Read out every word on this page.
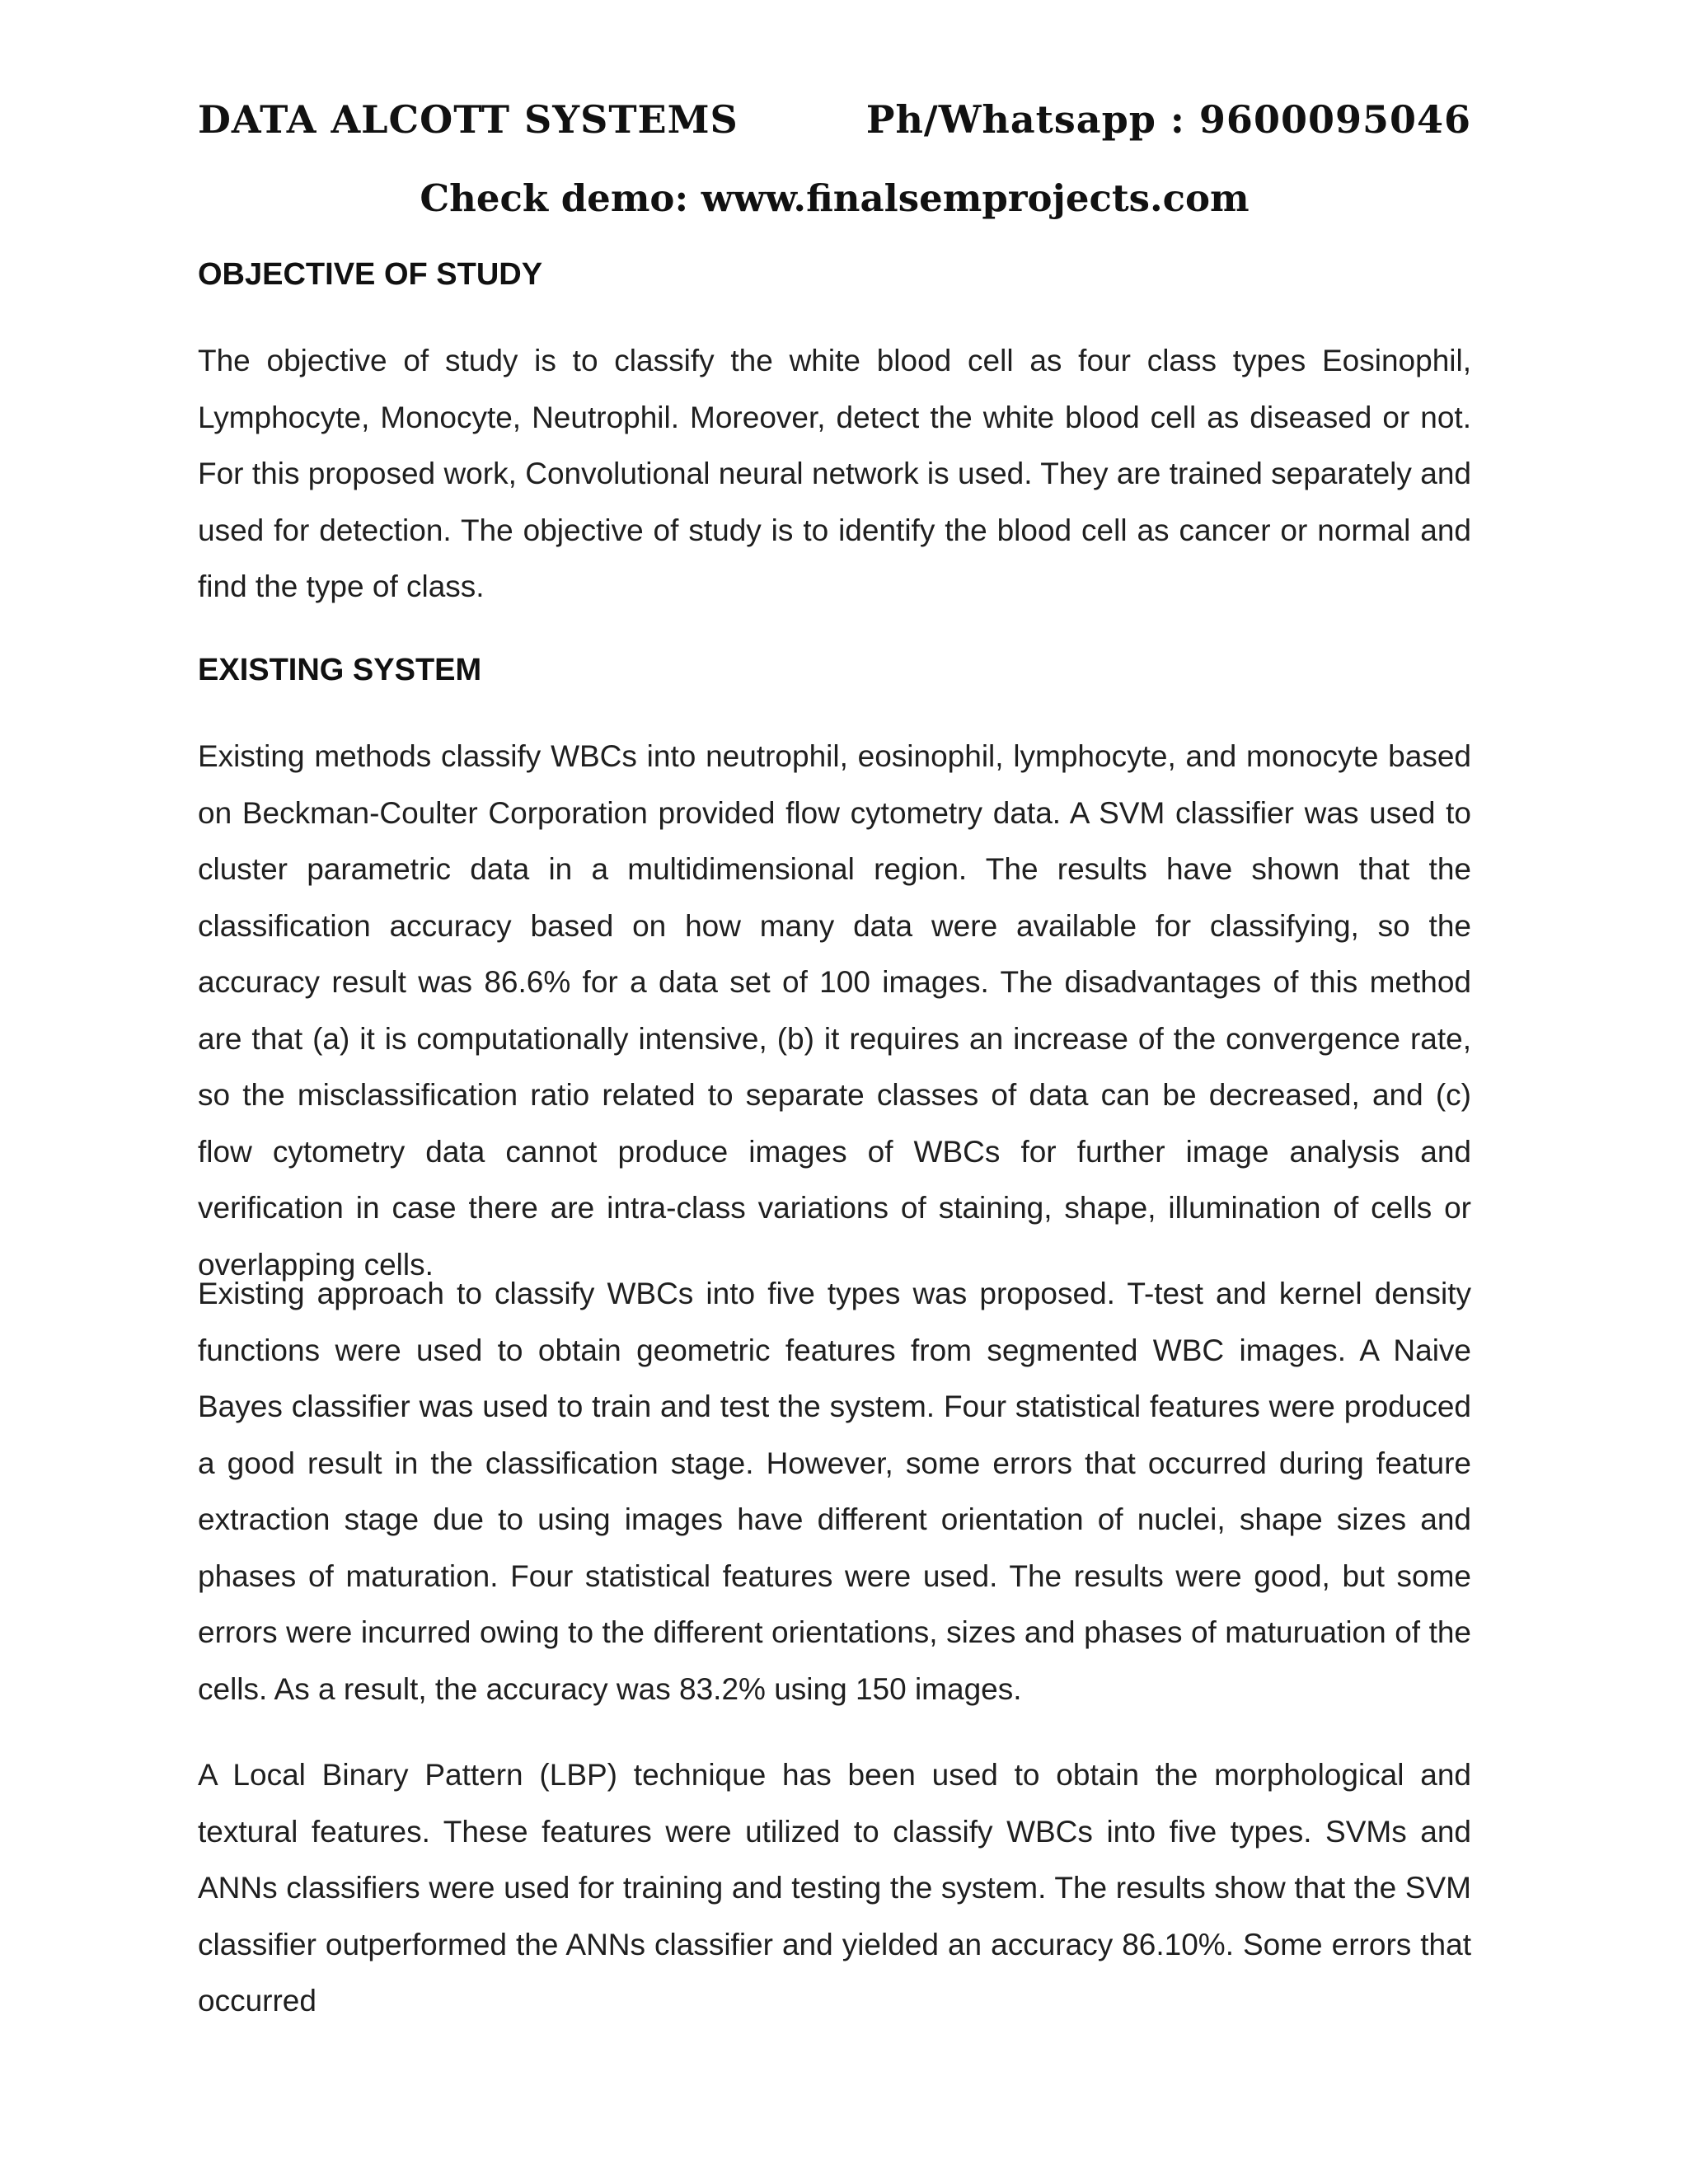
DATA ALCOTT SYSTEMS	Ph/Whatsapp : 9600095046
Check demo: www.finalsemprojects.com
OBJECTIVE OF STUDY
The objective of study is to classify the white blood cell as four class types Eosinophil, Lymphocyte, Monocyte, Neutrophil. Moreover, detect the white blood cell as diseased or not. For this proposed work, Convolutional neural network is used. They are trained separately and used for detection. The objective of study is to identify the blood cell as cancer or normal and find the type of class.
EXISTING SYSTEM
Existing methods classify WBCs into neutrophil, eosinophil, lymphocyte, and monocyte based on Beckman-Coulter Corporation provided flow cytometry data. A SVM classifier was used to cluster parametric data in a multidimensional region. The results have shown that the classification accuracy based on how many data were available for classifying, so the accuracy result was 86.6% for a data set of 100 images. The disadvantages of this method are that (a) it is computationally intensive, (b) it requires an increase of the convergence rate, so the misclassification ratio related to separate classes of data can be decreased, and (c) flow cytometry data cannot produce images of WBCs for further image analysis and verification in case there are intra-class variations of staining, shape, illumination of cells or overlapping cells.
Existing approach to classify WBCs into five types was proposed. T-test and kernel density functions were used to obtain geometric features from segmented WBC images. A Naive Bayes classifier was used to train and test the system. Four statistical features were produced a good result in the classification stage. However, some errors that occurred during feature extraction stage due to using images have different orientation of nuclei, shape sizes and phases of maturation. Four statistical features were used. The results were good, but some errors were incurred owing to the different orientations, sizes and phases of maturuation of the cells. As a result, the accuracy was 83.2% using 150 images.
A Local Binary Pattern (LBP) technique has been used to obtain the morphological and textural features. These features were utilized to classify WBCs into five types. SVMs and ANNs classifiers were used for training and testing the system. The results show that the SVM classifier outperformed the ANNs classifier and yielded an accuracy 86.10%. Some errors that occurred
